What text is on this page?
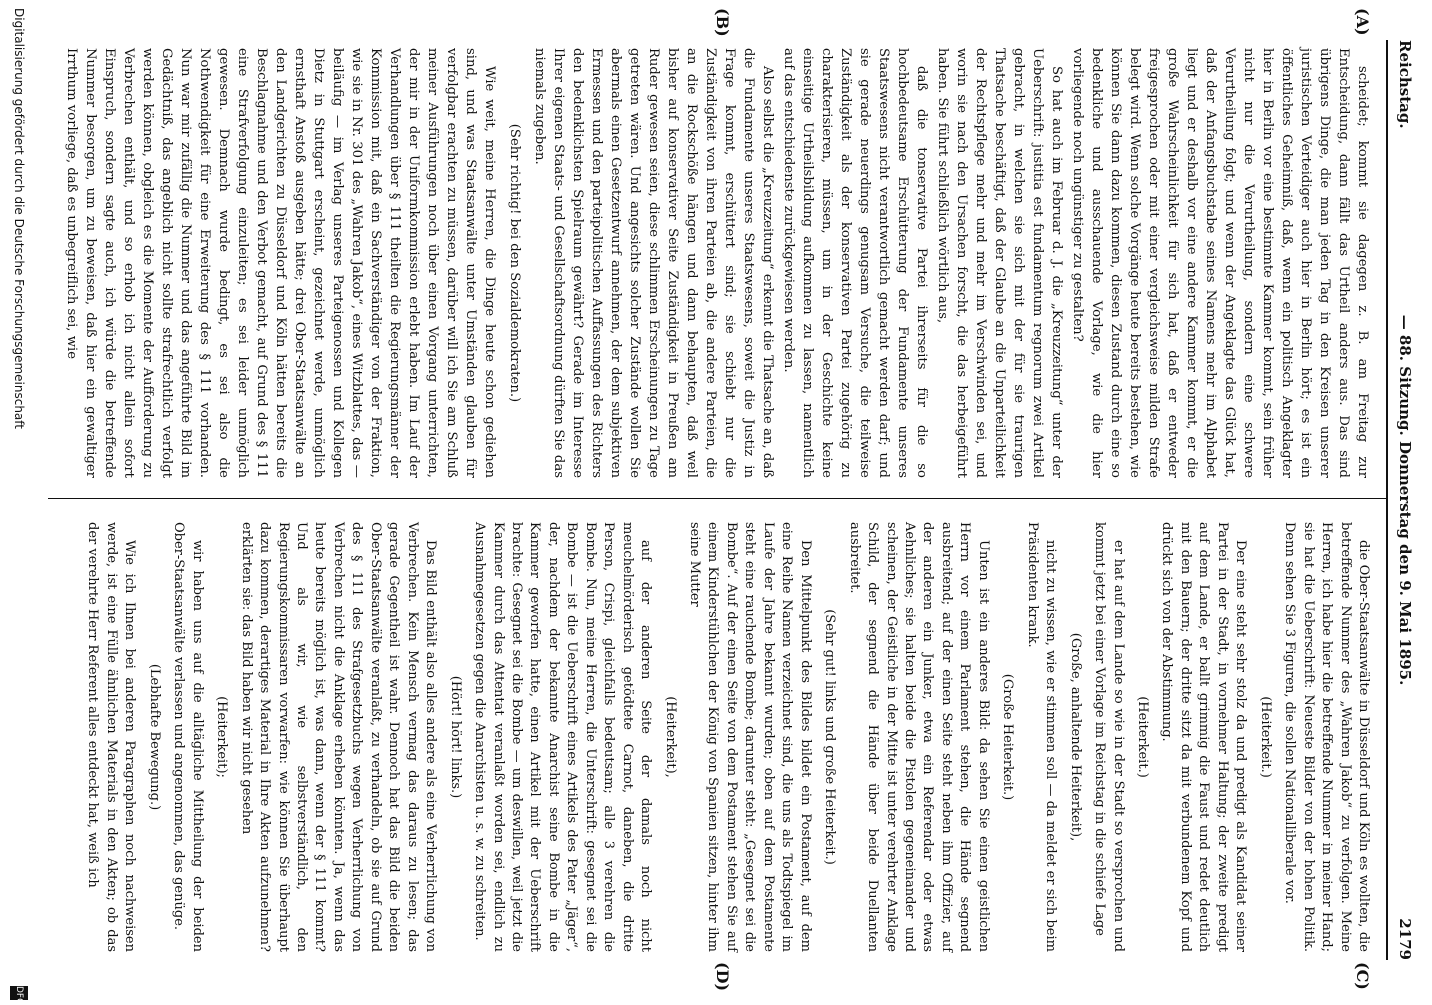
Reichstag.
— 88. Sitzung. Donnerstag den 9. Mai 1895.
2179
(A)
(B)
(C)
(D)

scheidet; kommt sie dagegen z. B. am Freitag zur Entscheidung, dann fällt das Urtheil anders aus. Das sind übrigens Dinge, die man jeden Tag in den Kreisen unserer juristischen Verteidiger auch hier in Berlin hört; es ist ein öffentliches Geheimniß, daß, wenn ein politisch Angeklagter hier in Berlin vor eine bestimmte Kammer kommt, sein früher nicht nur die Verurtheilung, sondern eine schwere Verurtheilung folgt; und wenn der Angeklagte das Glück hat, daß der Anfangsbuchstabe seines Namens mehr im Alphabet liegt und er deshalb vor eine andere Kammer kommt, er die große Wahrscheinlichkeit für sich hat, daß er entweder freigesprochen oder mit einer vergleichsweise milden Strafe belegt wird. Wenn solche Vorgänge heute bereits bestehen, wie können Sie dann dazu kommen, diesen Zustand durch eine so bedenkliche und ausschauende Vorlage, wie die hier vorliegende noch ungünstiger zu gestalten?

So hat auch im Februar d. J. die „Kreuzzeitung“ unter der Ueberschrift: justitia est fundamentum regnorum zwei Artikel gebracht, in welchen sie sich mit der für sie traurigen Thatsache beschäftigt, daß der Glaube an die Unparteilichkeit der Rechtspflege mehr und mehr im Verschwinden sei, und worin sie nach den Ursachen forscht, die das herbeigeführt haben. Sie führt schließlich wörtlich aus,

daß die tonservative Partei ihrerseits für die so hochbedeutsame Erschütterung der Fundamente unseres Staatswesens nicht verantwortlich gemacht werden darf; und sie gerade neuerdings genugsam Versuche, die teilweise Zuständigkeit als der konservativen Partei zugehörig zu charakterisieren, müssen, um in der Geschichte keine einseitige Urtheilsbildung aufkommen zu lassen, namentlich auf das entschiedenste zurückgewiesen werden.

Also selbst die „Kreuzzeitung“ erkennt die Thatsache an, daß die Fundamente unseres Staatswesens, soweit die Justiz in Frage kommt, erschüttert sind; sie schiebt nur die Zuständigkeit von ihren Parteien ab, die andere Parteien, die an die Rockschöße hängen und dann behaupten, daß weil bisher auf konservativer Seite Zuständigkeit in Preußen am Ruder gewesen seien, diese schlimmen Erscheinungen zu Tage getreten wären. Und angesichts solcher Zustände wollen Sie abermals einen Gesetzentwurf annehmen, der dem subjektiven Ermessen und den parteipolitischen Auffassungen des Richters den bedenklichsten Spielraum gewährt? Gerade im Interesse Ihrer eigenen Staats- und Gesellschaftsordnung dürften Sie das niemals zugeben.

(Sehr richtig! bei den Sozialdemokraten.)

Wie weit, meine Herren, die Dinge heute schon gediehen sind, und was Staatsanwälte unter Umständen glauben für verfolgbar erachten zu müssen, darüber will ich Sie am Schluß meiner Ausführungen noch über einen Vorgang unterrichten, der mir in der Uniformkommission erlebt haben. Im Lauf der Verhandlungen über § 111 theilten die Regierungsmänner der Kommission mit, daß ein Sachverständiger von der Fraktion, wie sie in Nr. 301 des „Wahren Jakob“, eines Witzblattes, das — beiläufig — im Verlag unseres Parteigenossen und Kollegen Dietz in Stuttgart erscheint, gezeichnet werde, unmöglich ernsthaft Anstoß ausgeben hätte; drei Ober-Staatsanwälte an den Landgerichten zu Düsseldorf und Köln hätten bereits die Beschlagnahme und den Verbot gemacht, auf Grund des § 111 eine Strafverfolgung einzuleiten; es sei leider unmöglich gewesen. Demnach wurde bedingt, es sei also die Nothwendigkeit für eine Erweiterung des § 111 vorhanden. Nun war mir zufällig die Nummer und das angeführte Bild im Gedächtniß, das angeblich nicht sollte strafrechtlich verfolgt werden können, obgleich es die Momente der Aufforderung zu Verbrechen enthält, und so erhob ich nicht allein sofort Einspruch, sondern sagte auch, ich würde die betreffende Nummer besorgen, um zu beweisen, daß hier ein gewaltiger Irrthum vorliege, daß es unbegreiflich sei, wie

die Ober-Staatsanwälte in Düsseldorf und Köln es wollten, die betreffende Nummer des „Wahren Jakob“ zu verfolgen. Meine Herren, ich habe hier die betreffende Nummer in meiner Hand; sie hat die Ueberschrift: Neueste Bilder von der hohen Politik. Denn sehen Sie 3 Figuren, die sollen Nationalliberale vor.

(Heiterkeit.)

Der eine steht sehr stolz da und predigt als Kandidat seiner Partei in der Stadt, in vornehmer Haltung; der zweite predigt auf dem Lande, er ballt grimmig die Faust und redet deutlich mit den Bauern; der dritte sitzt da mit verbundenem Kopf und drückt sich von der Abstimmung.

(Heiterkeit.)

er hat auf dem Lande so wie in der Stadt so versprochen und kommt jetzt bei einer Vorlage im Reichstag in die schiefe Lage

(Große, anhaltende Heiterkeit),

nicht zu wissen, wie er stimmen soll — da meldet er sich beim Präsidenten krank.

(Große Heiterkeit.)

Unten ist ein anderes Bild: da sehen Sie einen geistlichen Herrn vor einem Parlament stehen, die Hände segnend ausbreitend; auf der einen Seite steht neben ihm Offizier, auf der anderen ein Junker, etwa ein Referendar oder etwas Aehnliches; sie halten beide die Pistolen gegeneinander und scheinen, der Geistliche in der Mitte ist unter verehrter Anklage Schild, der segnend die Hände über beide Duellanten ausbreitet.

(Sehr gut! links und große Heiterkeit.)

Den Mittelpunkt des Bildes bildet ein Postament, auf dem eine Reihe Namen verzeichnet sind, die uns als Todtspiegel im Laufe der Jahre bekannt wurden; oben auf dem Postamente steht eine rauchende Bombe; darunter steht: „Gesegnet sei die Bombe“. Auf der einen Seite von dem Postament stehen Sie auf einem Kinderstühlchen der König von Spanien sitzen, hinter ihm seine Mutter

(Heiterkeit),

auf der anderen Seite der damals noch nicht meuchelmörderisch getödtete Carnot, daneben, die dritte Person, Crispi, gleichfalls bedeutsam; alle 3 verehren die Bombe. Nun, meine Herren, die Unterschrift: gesegnet sei die Bombe — ist die Ueberschrift eines Artikels des Pater „Jäger“, der, nachdem der bekannte Anarchist seine Bombe in die Kammer geworfen hatte, einen Artikel mit der Ueberschrift brachte: Gesegnet sei die Bombe — um deswillen, weil jetzt die Kammer durch das Attentat veranlaßt worden sei, endlich zu Ausnahmegesetzen gegen die Anarchisten u. s. w. zu schreiten.

(Hört! hört! links.)

Das Bild enthält also alles andere als eine Verherrlichung von Verbrechen. Kein Mensch vermag das daraus zu lesen; das gerade Gegentheil ist wahr. Dennoch hat das Bild die beiden Ober-Staatsanwälte veranlaßt, zu verhandeln, ob sie auf Grund des § 111 des Strafgesetzbuchs wegen Verherrlichung von Verbrechen nicht die Anklage erheben könnten. Ja, wenn das heute bereits möglich ist, was dann, wenn der § 111 kommt? Und als wir, wie selbstverständlich, den Regierungskommissaren vorwarfen: wie können Sie überhaupt dazu kommen, derartiges Material in Ihre Akten aufzunehmen? erklärten sie: das Bild haben wir nicht gesehen

(Heiterkeit);

wir haben uns auf die alltägliche Mittheilung der beiden Ober-Staatsanwälte verlassen und angenommen, das genüge.

(Lebhafte Bewegung.)

Wie ich Ihnen bei anderen Paragraphen noch nachweisen werde, ist eine Fülle ähnlichen Materials in den Akten; ob das der verehrte Herr Referent alles entdeckt hat, weiß ich

Digitalisierung gefördert durch die Deutsche Forschungsgemeinschaft
DFG
